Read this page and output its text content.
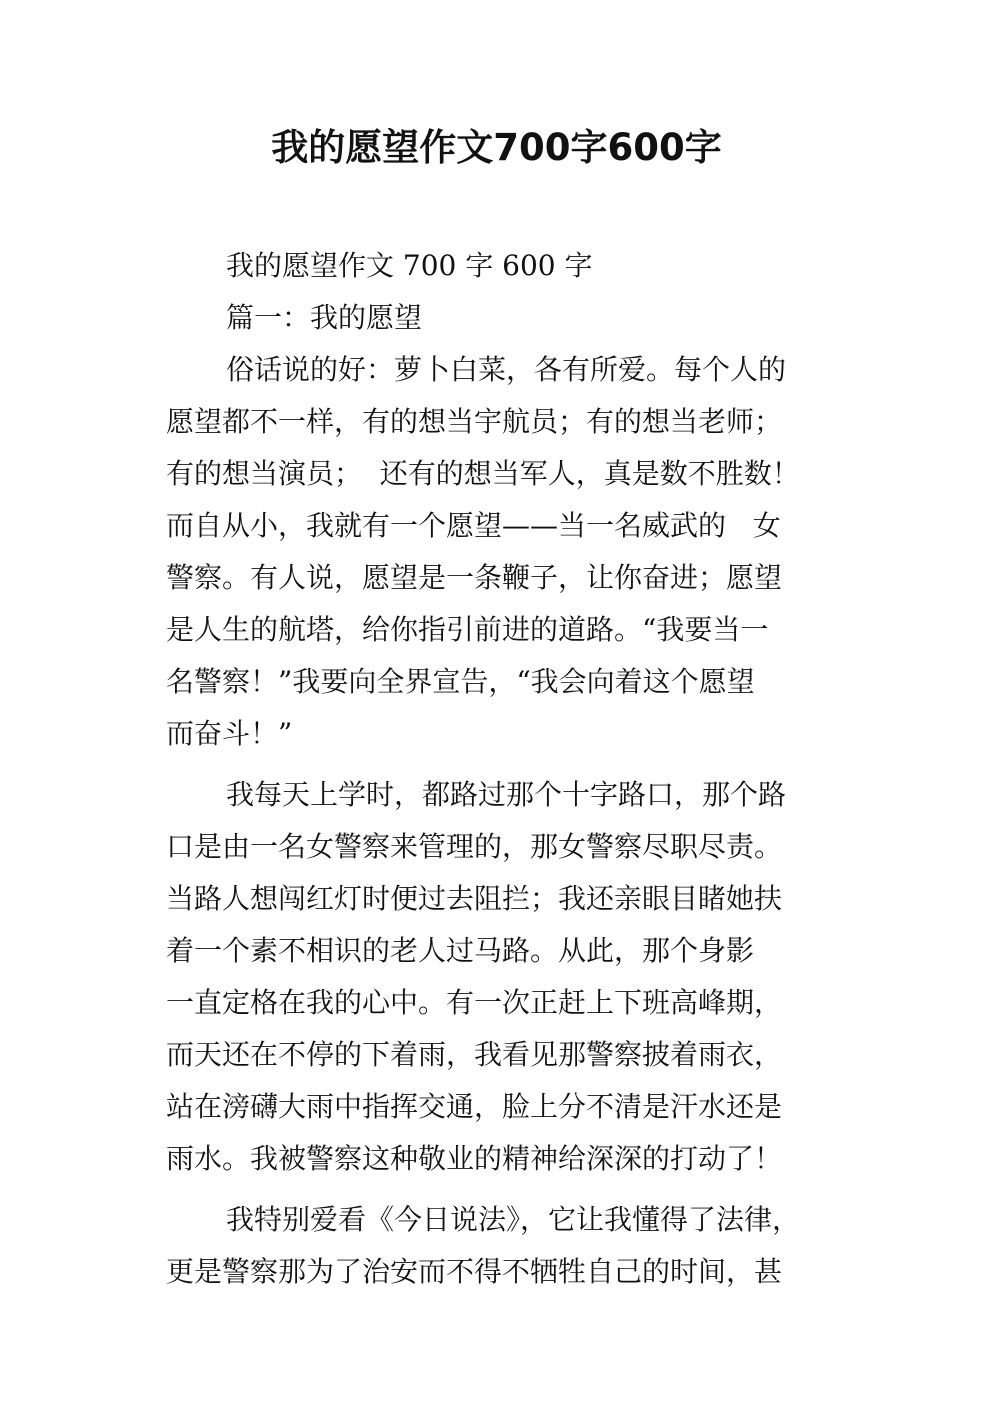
我的愿望作文700字600字
我的愿望作文 700 字 600 字
篇一：我的愿望
俗话说的好：萝卜白菜，各有所爱。每个人的
愿望都不一样，有的想当宇航员；有的想当老师；
有的想当演员；  还有的想当军人，真是数不胜数！
而自从小，我就有一个愿望——当一名威武的   女
警察。有人说，愿望是一条鞭子，让你奋进；愿望
是人生的航塔，给你指引前进的道路。“我要当一
名警察！”我要向全界宣告，“我会向着这个愿望
而奋斗！”
我每天上学时，都路过那个十字路口，那个路
口是由一名女警察来管理的，那女警察尽职尽责。
当路人想闯红灯时便过去阻拦；我还亲眼目睹她扶
着一个素不相识的老人过马路。从此，那个身影
一直定格在我的心中。有一次正赶上下班高峰期，
而天还在不停的下着雨，我看见那警察披着雨衣，
站在滂礴大雨中指挥交通，脸上分不清是汗水还是
雨水。我被警察这种敬业的精神给深深的打动了！
我特别爱看《今日说法》，它让我懂得了法律，
更是警察那为了治安而不得不牺牲自己的时间，甚
